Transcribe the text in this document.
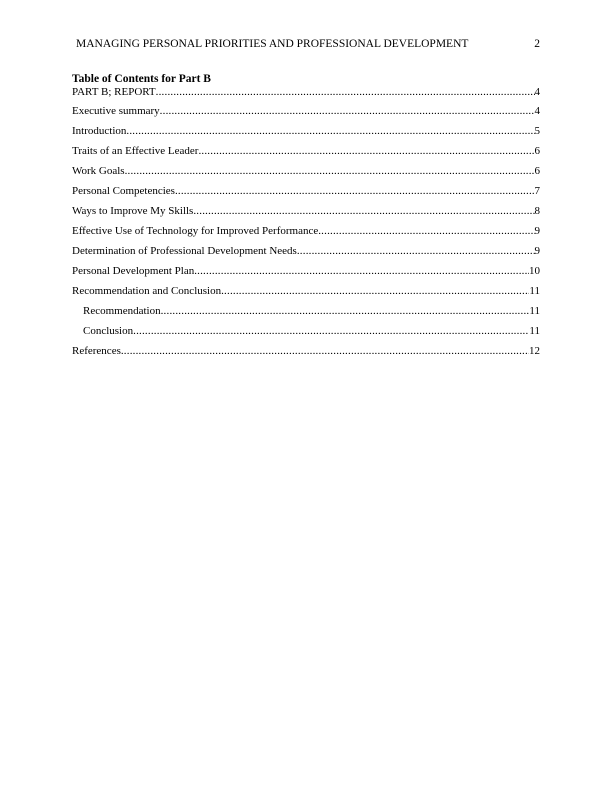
MANAGING PERSONAL PRIORITIES AND PROFESSIONAL DEVELOPMENT	2
Table of Contents for Part B
PART B; REPORT .....	4
Executive summary .....	4
Introduction .....	5
Traits of an Effective Leader .....	6
Work Goals .....	6
Personal Competencies .....	7
Ways to Improve My Skills .....	8
Effective Use of Technology for Improved Performance .....	9
Determination of Professional Development Needs .....	9
Personal Development Plan .....	10
Recommendation and Conclusion .....	11
Recommendation .....	11
Conclusion .....	11
References .....	12
